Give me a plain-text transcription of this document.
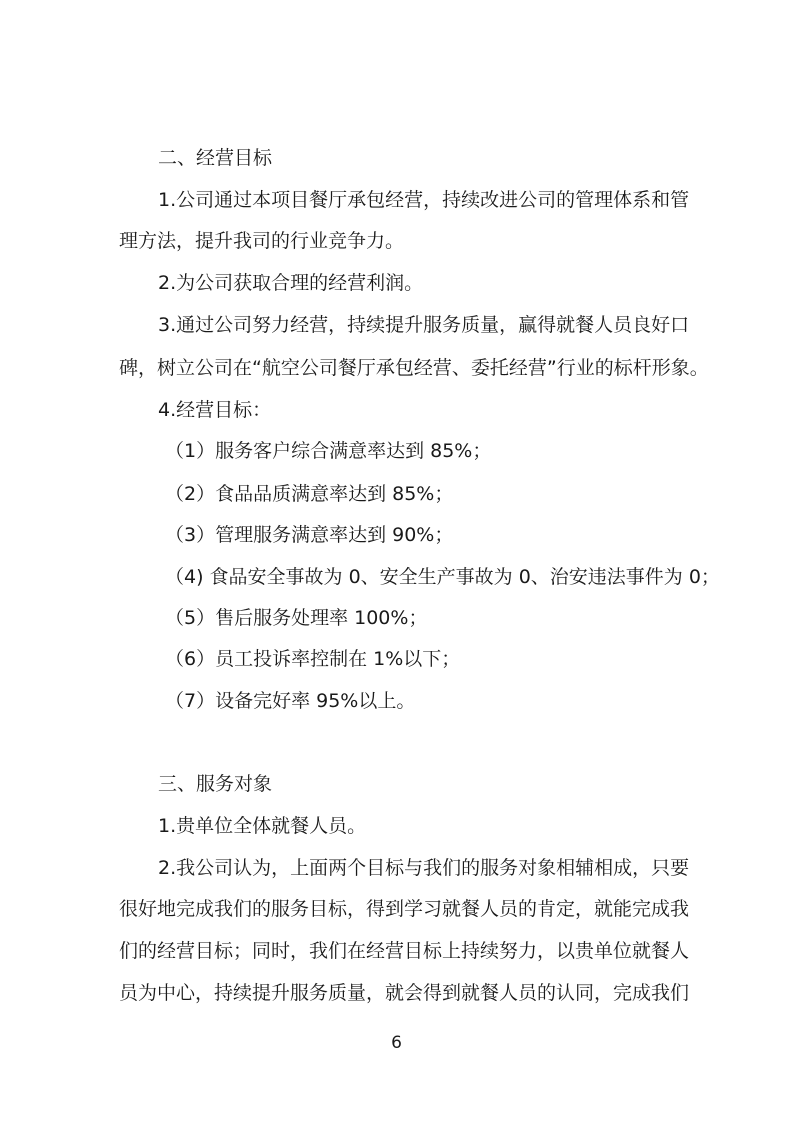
二、经营目标
1.公司通过本项目餐厅承包经营，持续改进公司的管理体系和管
理方法，提升我司的行业竞争力。
2.为公司获取合理的经营利润。
3.通过公司努力经营，持续提升服务质量，赢得就餐人员良好口
碑，树立公司在“航空公司餐厅承包经营、委托经营”行业的标杆形象。
4.经营目标：
（1）服务客户综合满意率达到 85%；
（2）食品品质满意率达到 85%；
（3）管理服务满意率达到 90%；
（4) 食品安全事故为 0、安全生产事故为 0、治安违法事件为 0；
（5）售后服务处理率 100%；
（6）员工投诉率控制在 1%以下；
（7）设备完好率 95%以上。
三、服务对象
1.贵单位全体就餐人员。
2.我公司认为，上面两个目标与我们的服务对象相辅相成，只要
很好地完成我们的服务目标，得到学习就餐人员的肯定，就能完成我
们的经营目标；同时，我们在经营目标上持续努力，以贵单位就餐人
员为中心，持续提升服务质量，就会得到就餐人员的认同，完成我们
6
